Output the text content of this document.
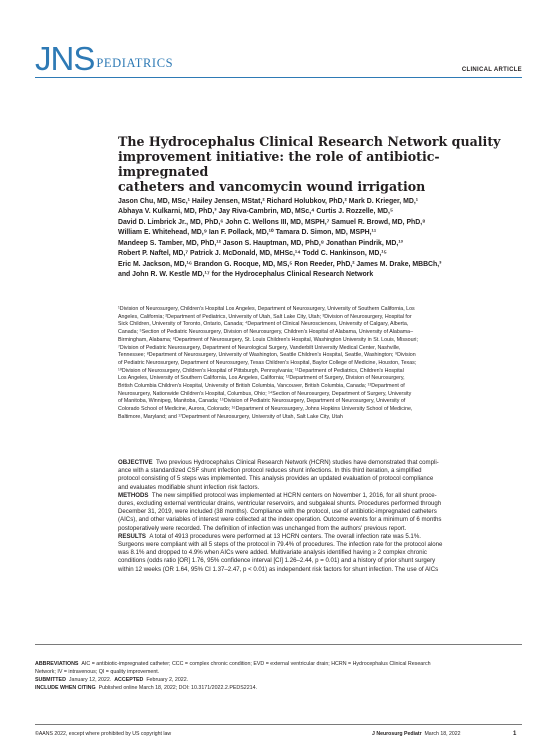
JNS PEDIATRICS	CLINICAL ARTICLE
The Hydrocephalus Clinical Research Network quality
improvement initiative: the role of antibiotic-impregnated
catheters and vancomycin wound irrigation
Jason Chu, MD, MSc,¹ Hailey Jensen, MStat,² Richard Holubkov, PhD,² Mark D. Krieger, MD,¹
Abhaya V. Kulkarni, MD, PhD,³ Jay Riva-Cambrin, MD, MSc,⁴ Curtis J. Rozzelle, MD,⁵
David D. Limbrick Jr., MD, PhD,⁶ John C. Wellons III, MD, MSPH,⁷ Samuel R. Browd, MD, PhD,⁸
William E. Whitehead, MD,⁹ Ian F. Pollack, MD,¹⁰ Tamara D. Simon, MD, MSPH,¹¹
Mandeep S. Tamber, MD, PhD,¹² Jason S. Hauptman, MD, PhD,⁸ Jonathan Pindrik, MD,¹³
Robert P. Naftel, MD,⁷ Patrick J. McDonald, MD, MHSc,¹⁴ Todd C. Hankinson, MD,¹⁵
Eric M. Jackson, MD,¹⁶ Brandon G. Rocque, MD, MS,⁵ Ron Reeder, PhD,² James M. Drake, MBBCh,³
and John R. W. Kestle MD,¹⁷ for the Hydrocephalus Clinical Research Network
¹Division of Neurosurgery, Children's Hospital Los Angeles, Department of Neurosurgery, University of Southern California, Los
Angeles, California; ²Department of Pediatrics, University of Utah, Salt Lake City, Utah; ³Division of Neurosurgery, Hospital for
Sick Children, University of Toronto, Ontario, Canada; ⁴Department of Clinical Neurosciences, University of Calgary, Alberta,
Canada; ⁵Section of Pediatric Neurosurgery, Division of Neurosurgery, Children's Hospital of Alabama, University of Alabama–
Birmingham, Alabama; ⁶Department of Neurosurgery, St. Louis Children's Hospital, Washington University in St. Louis, Missouri;
⁷Division of Pediatric Neurosurgery, Department of Neurological Surgery, Vanderbilt University Medical Center, Nashville,
Tennessee; ⁸Department of Neurosurgery, University of Washington, Seattle Children's Hospital, Seattle, Washington; ⁹Division
of Pediatric Neurosurgery, Department of Neurosurgery, Texas Children's Hospital, Baylor College of Medicine, Houston, Texas;
¹⁰Division of Neurosurgery, Children's Hospital of Pittsburgh, Pennsylvania; ¹¹Department of Pediatrics, Children's Hospital
Los Angeles, University of Southern California, Los Angeles, California; ¹²Department of Surgery, Division of Neurosurgery,
British Columbia Children's Hospital, University of British Columbia, Vancouver, British Columbia, Canada; ¹³Department of
Neurosurgery, Nationwide Children's Hospital, Columbus, Ohio; ¹⁴Section of Neurosurgery, Department of Surgery, University
of Manitoba, Winnipeg, Manitoba, Canada; ¹⁵Division of Pediatric Neurosurgery, Department of Neurosurgery, University of
Colorado School of Medicine, Aurora, Colorado; ¹⁶Department of Neurosurgery, Johns Hopkins University School of Medicine,
Baltimore, Maryland; and ¹⁷Department of Neurosurgery, University of Utah, Salt Lake City, Utah
OBJECTIVE Two previous Hydrocephalus Clinical Research Network (HCRN) studies have demonstrated that compli-
ance with a standardized CSF shunt infection protocol reduces shunt infections. In this third iteration, a simplified
protocol consisting of 5 steps was implemented. This analysis provides an updated evaluation of protocol compliance
and evaluates modifiable shunt infection risk factors.
METHODS The new simplified protocol was implemented at HCRN centers on November 1, 2016, for all shunt proce-
dures, excluding external ventricular drains, ventricular reservoirs, and subgaleal shunts. Procedures performed through
December 31, 2019, were included (38 months). Compliance with the protocol, use of antibiotic-impregnated catheters
(AICs), and other variables of interest were collected at the index operation. Outcome events for a minimum of 6 months
postoperatively were recorded. The definition of infection was unchanged from the authors' previous report.
RESULTS A total of 4913 procedures were performed at 13 HCRN centers. The overall infection rate was 5.1%.
Surgeons were compliant with all 5 steps of the protocol in 79.4% of procedures. The infection rate for the protocol alone
was 8.1% and dropped to 4.9% when AICs were added. Multivariate analysis identified having ≥ 2 complex chronic
conditions (odds ratio [OR] 1.76, 95% confidence interval [CI] 1.26–2.44, p = 0.01) and a history of prior shunt surgery
within 12 weeks (OR 1.64, 95% CI 1.37–2.47, p < 0.01) as independent risk factors for shunt infection. The use of AICs
ABBREVIATIONS AIC = antibiotic-impregnated catheter; CCC = complex chronic condition; EVD = external ventricular drain; HCRN = Hydrocephalus Clinical Research
Network; IV = intravenous; QI = quality improvement.
SUBMITTED January 12, 2022. ACCEPTED February 2, 2022.
INCLUDE WHEN CITING Published online March 18, 2022; DOI: 10.3171/2022.2.PEDS2214.
©AANS 2022, except where prohibited by US copyright law	J Neurosurg Pediatr March 18, 2022	1
